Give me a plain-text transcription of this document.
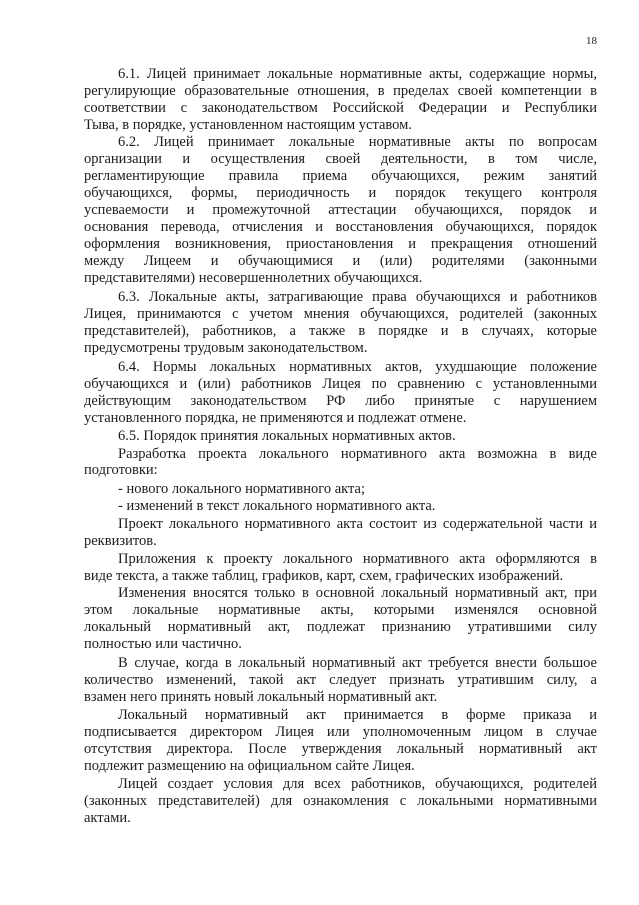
18

6.1. Лицей принимает локальные нормативные акты, содержащие нормы,

регулирующие образовательные отношения, в пределах своей компетенции в

соответствии с законодательством Российской Федерации и Республики

Тыва, в порядке, установленном настоящим уставом.

6.2. Лицей принимает локальные нормативные акты по вопросам

организации и осуществления своей деятельности, в том числе,

регламентирующие правила приема обучающихся, режим занятий

обучающихся, формы, периодичность и порядок текущего контроля

успеваемости и промежуточной аттестации обучающихся, порядок и

основания перевода, отчисления и восстановления обучающихся, порядок

оформления возникновения, приостановления и прекращения отношений

между Лицеем и обучающимися и (или) родителями (законными

представителями) несовершеннолетних обучающихся.

6.3. Локальные акты, затрагивающие права обучающихся и работников

Лицея, принимаются с учетом мнения обучающихся, родителей (законных

представителей), работников, а также в порядке и в случаях, которые

предусмотрены трудовым законодательством.

6.4. Нормы локальных нормативных актов, ухудшающие положение

обучающихся и (или) работников Лицея по сравнению с установленными

действующим законодательством РФ либо принятые с нарушением

установленного порядка, не применяются и подлежат отмене.

6.5. Порядок принятия локальных нормативных актов.

Разработка проекта локального нормативного акта возможна в виде

подготовки:

- нового локального нормативного акта;

- изменений в текст локального нормативного акта.

Проект локального нормативного акта состоит из содержательной части и

реквизитов.

Приложения к проекту локального нормативного акта оформляются в

виде текста, а также таблиц, графиков, карт, схем, графических изображений.

Изменения вносятся только в основной локальный нормативный акт, при

этом локальные нормативные акты, которыми изменялся основной

локальный нормативный акт, подлежат признанию утратившими силу

полностью или частично.

В случае, когда в локальный нормативный акт требуется внести большое

количество изменений, такой акт следует признать утратившим силу, а

взамен него принять новый локальный нормативный акт.

Локальный нормативный акт принимается в форме приказа и

подписывается директором Лицея или уполномоченным лицом в случае

отсутствия директора. После утверждения локальный нормативный акт

подлежит размещению на официальном сайте Лицея.

Лицей создает условия для всех работников, обучающихся, родителей

(законных представителей) для ознакомления с локальными нормативными

актами.
